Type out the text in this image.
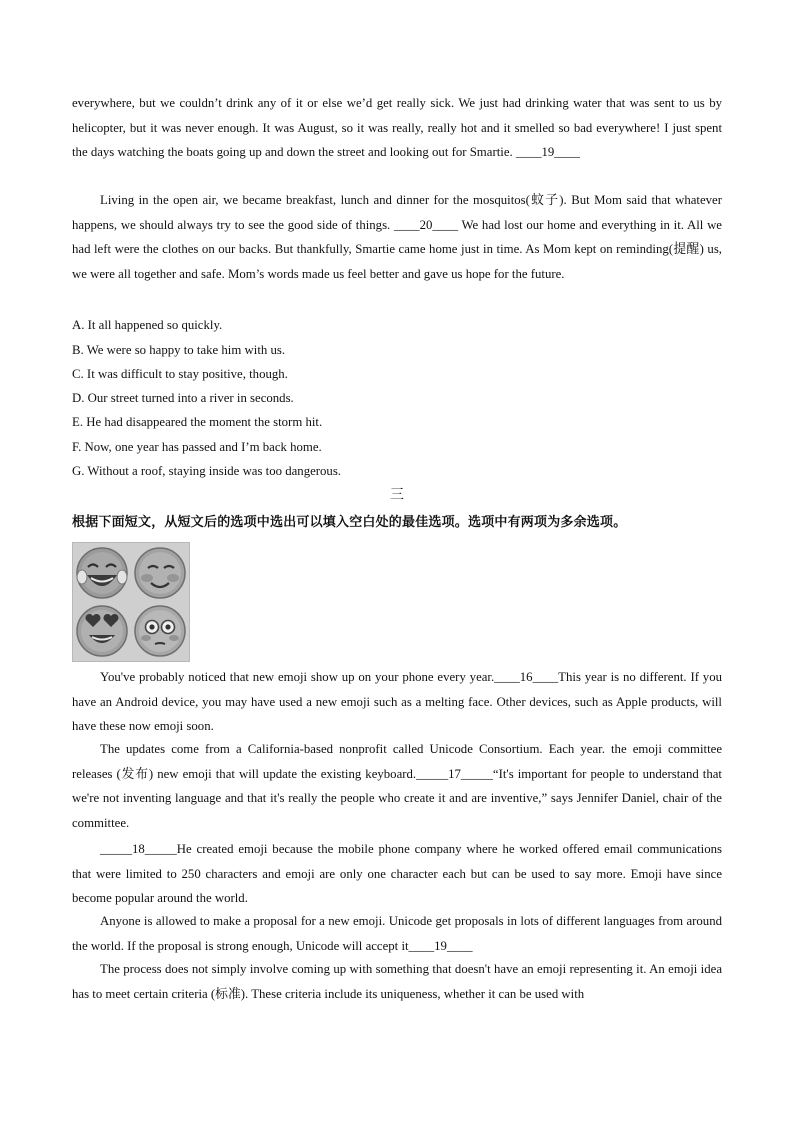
everywhere, but we couldn’t drink any of it or else we’d get really sick. We just had drinking water that was sent to us by helicopter, but it was never enough. It was August, so it was really, really hot and it smelled so bad everywhere! I just spent the days watching the boats going up and down the street and looking out for Smartie. ____19____

Living in the open air, we became breakfast, lunch and dinner for the mosquitos(蚊子). But Mom said that whatever happens, we should always try to see the good side of things. ____20____ We had lost our home and everything in it. All we had left were the clothes on our backs. But thankfully, Smartie came home just in time. As Mom kept on reminding(提醒) us, we were all together and safe. Mom’s words made us feel better and gave us hope for the future.

A. It all happened so quickly.

B. We were so happy to take him with us.

C. It was difficult to stay positive, though.

D. Our street turned into a river in seconds.

E. He had disappeared the moment the storm hit.

F. Now, one year has passed and I’m back home.

G. Without a roof, staying inside was too dangerous.

三
根据下面短文，从短文后的选项中选出可以填入空白处的最佳选项。选项中有两项为多余选项。

You've probably noticed that new emoji show up on your phone every year.____16____This year is no different. If you have an Android device, you may have used a new emoji such as a melting face. Other devices, such as Apple products, will have these now emoji soon.

The updates come from a California-based nonprofit called Unicode Consortium. Each year. the emoji committee releases (发布) new emoji that will update the existing keyboard._____17_____“It's important for people to understand that we're not inventing language and that it's really the people who create it and are inventive,” says Jennifer Daniel, chair of the committee.

_____18_____He created emoji because the mobile phone company where he worked offered email communications that were limited to 250 characters and emoji are only one character each but can be used to say more. Emoji have since become popular around the world.

Anyone is allowed to make a proposal for a new emoji. Unicode get proposals in lots of different languages from around the world. If the proposal is strong enough, Unicode will accept it____19____

The process does not simply involve coming up with something that doesn't have an emoji representing it. An emoji idea has to meet certain criteria (标准). These criteria include its uniqueness, whether it can be used with
